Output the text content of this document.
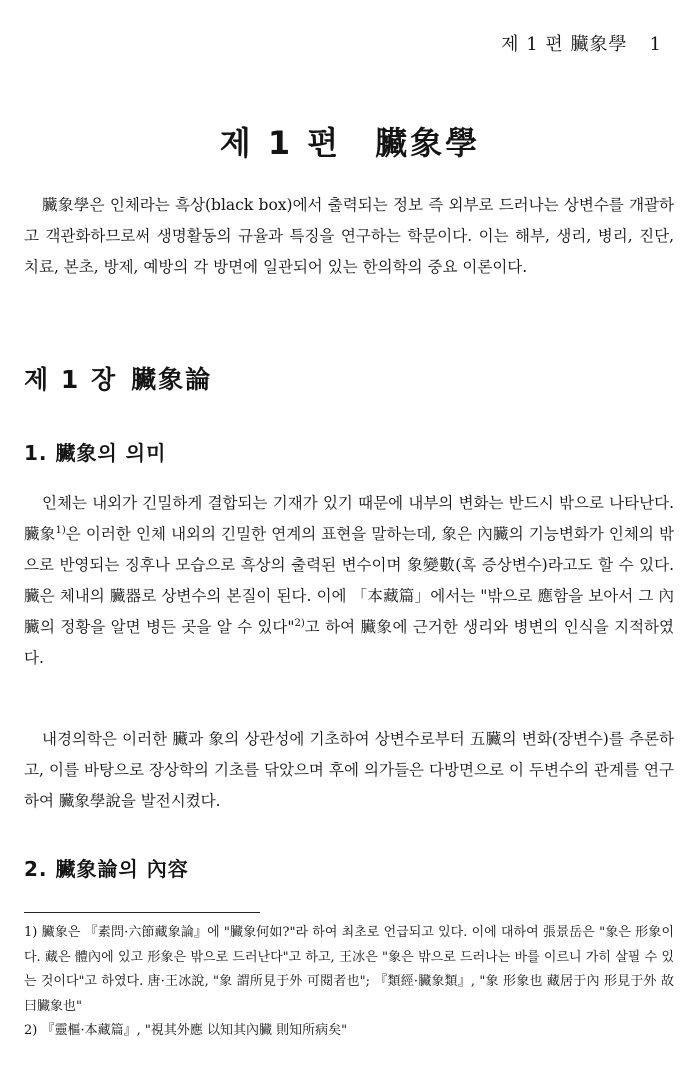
제 1 편 臟象學 1
제 1 편 臟象學

臟象學은 인체라는 흑상(black box)에서 출력되는 정보 즉 외부로 드러나는 상변수를 개괄하고 객관화하므로써 생명활동의 규율과 특징을 연구하는 학문이다. 이는 해부, 생리, 병리, 진단, 치료, 본초, 방제, 예방의 각 방면에 일관되어 있는 한의학의 중요 이론이다.

제 1 장 臟象論
1. 臟象의 의미

인체는 내외가 긴밀하게 결합되는 기재가 있기 때문에 내부의 변화는 반드시 밖으로 나타난다. 臟象$^{1)}$은 이러한 인체 내외의 긴밀한 연계의 표현을 말하는데, 象은 內臟의 기능변화가 인체의 밖으로 반영되는 징후나 모습으로 흑상의 출력된 변수이며 象變數(혹 증상변수)라고도 할 수 있다. 臟은 체내의 臟器로 상변수의 본질이 된다. 이에 「本藏篇」에서는 "밖으로 應함을 보아서 그 內臟의 정황을 알면 병든 곳을 알 수 있다"$^{2)}$고 하여 臟象에 근거한 생리와 병변의 인식을 지적하였다.

내경의학은 이러한 臟과 象의 상관성에 기초하여 상변수로부터 五臟의 변화(장변수)를 추론하고, 이를 바탕으로 장상학의 기초를 닦았으며 후에 의가들은 다방면으로 이 두변수의 관계를 연구하여 臟象學說을 발전시켰다.

2. 臟象論의 內容

1) 臟象은 『素問·六節藏象論』에 "臟象何如?"라 하여 최초로 언급되고 있다. 이에 대하여 張景岳은 "象은 形象이다. 藏은 體內에 있고 形象은 밖으로 드러난다"고 하고, 王冰은 "象은 밖으로 드러나는 바를 이르니 가히 살필 수 있는 것이다"고 하였다. 唐·王冰說, "象 謂所見于外 可閱者也"; 『類經·臟象類』, "象 形象也 藏居于內 形見于外 故曰臟象也"

2) 『靈樞·本藏篇』, "視其外應 以知其內臟 則知所病矣"
